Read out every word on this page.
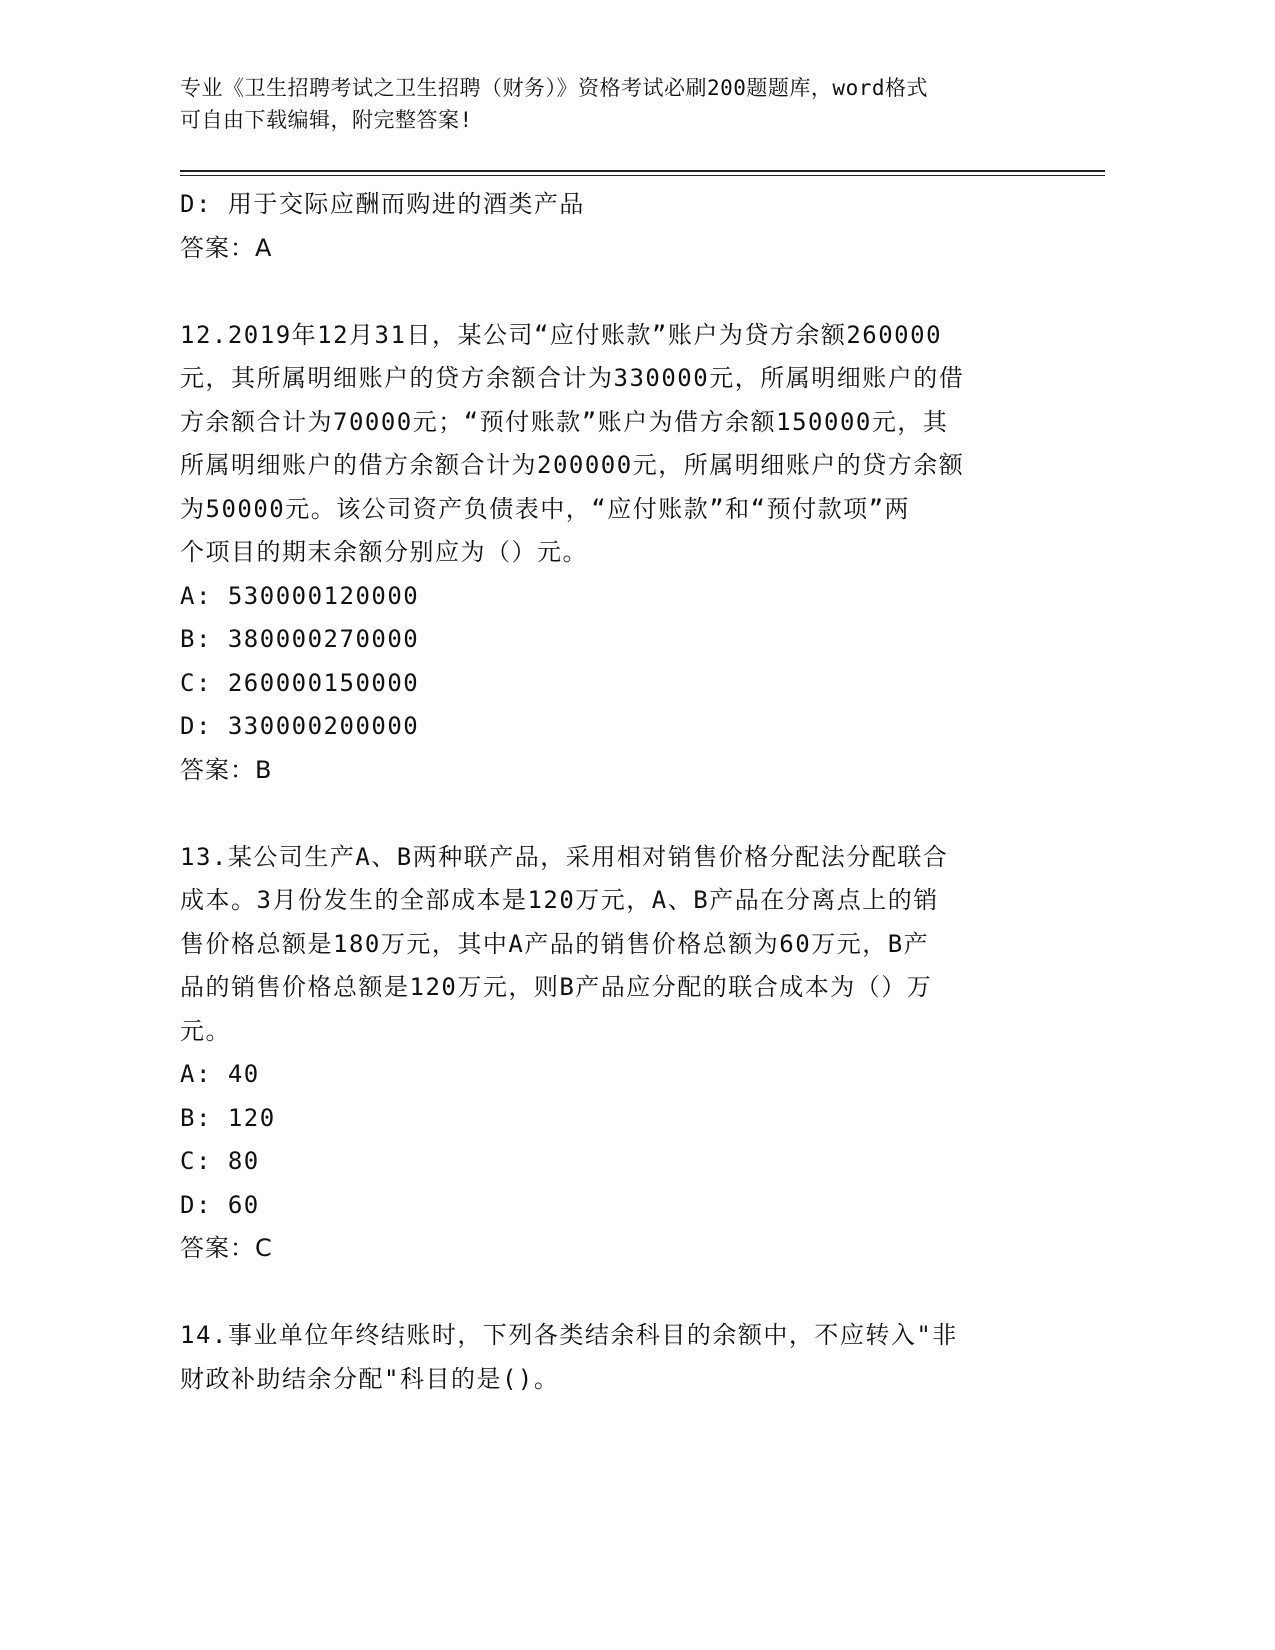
专业《卫生招聘考试之卫生招聘（财务）》资格考试必刷200题题库，word格式
可自由下载编辑，附完整答案!
D: 用于交际应酬而购进的酒类产品
答案：A
12.2019年12月31日，某公司“应付账款”账户为贷方余额260000
元，其所属明细账户的贷方余额合计为330000元，所属明细账户的借
方余额合计为70000元；“预付账款”账户为借方余额150000元，其
所属明细账户的借方余额合计为200000元，所属明细账户的贷方余额
为50000元。该公司资产负债表中，“应付账款”和“预付款项”两
个项目的期末余额分别应为（）元。
A: 530000120000
B: 380000270000
C: 260000150000
D: 330000200000
答案：B
13.某公司生产A、B两种联产品，采用相对销售价格分配法分配联合
成本。3月份发生的全部成本是120万元，A、B产品在分离点上的销
售价格总额是180万元，其中A产品的销售价格总额为60万元，B产
品的销售价格总额是120万元，则B产品应分配的联合成本为（）万
元。
A: 40
B: 120
C: 80
D: 60
答案：C
14.事业单位年终结账时，下列各类结余科目的余额中，不应转入"非
财政补助结余分配"科目的是()。
